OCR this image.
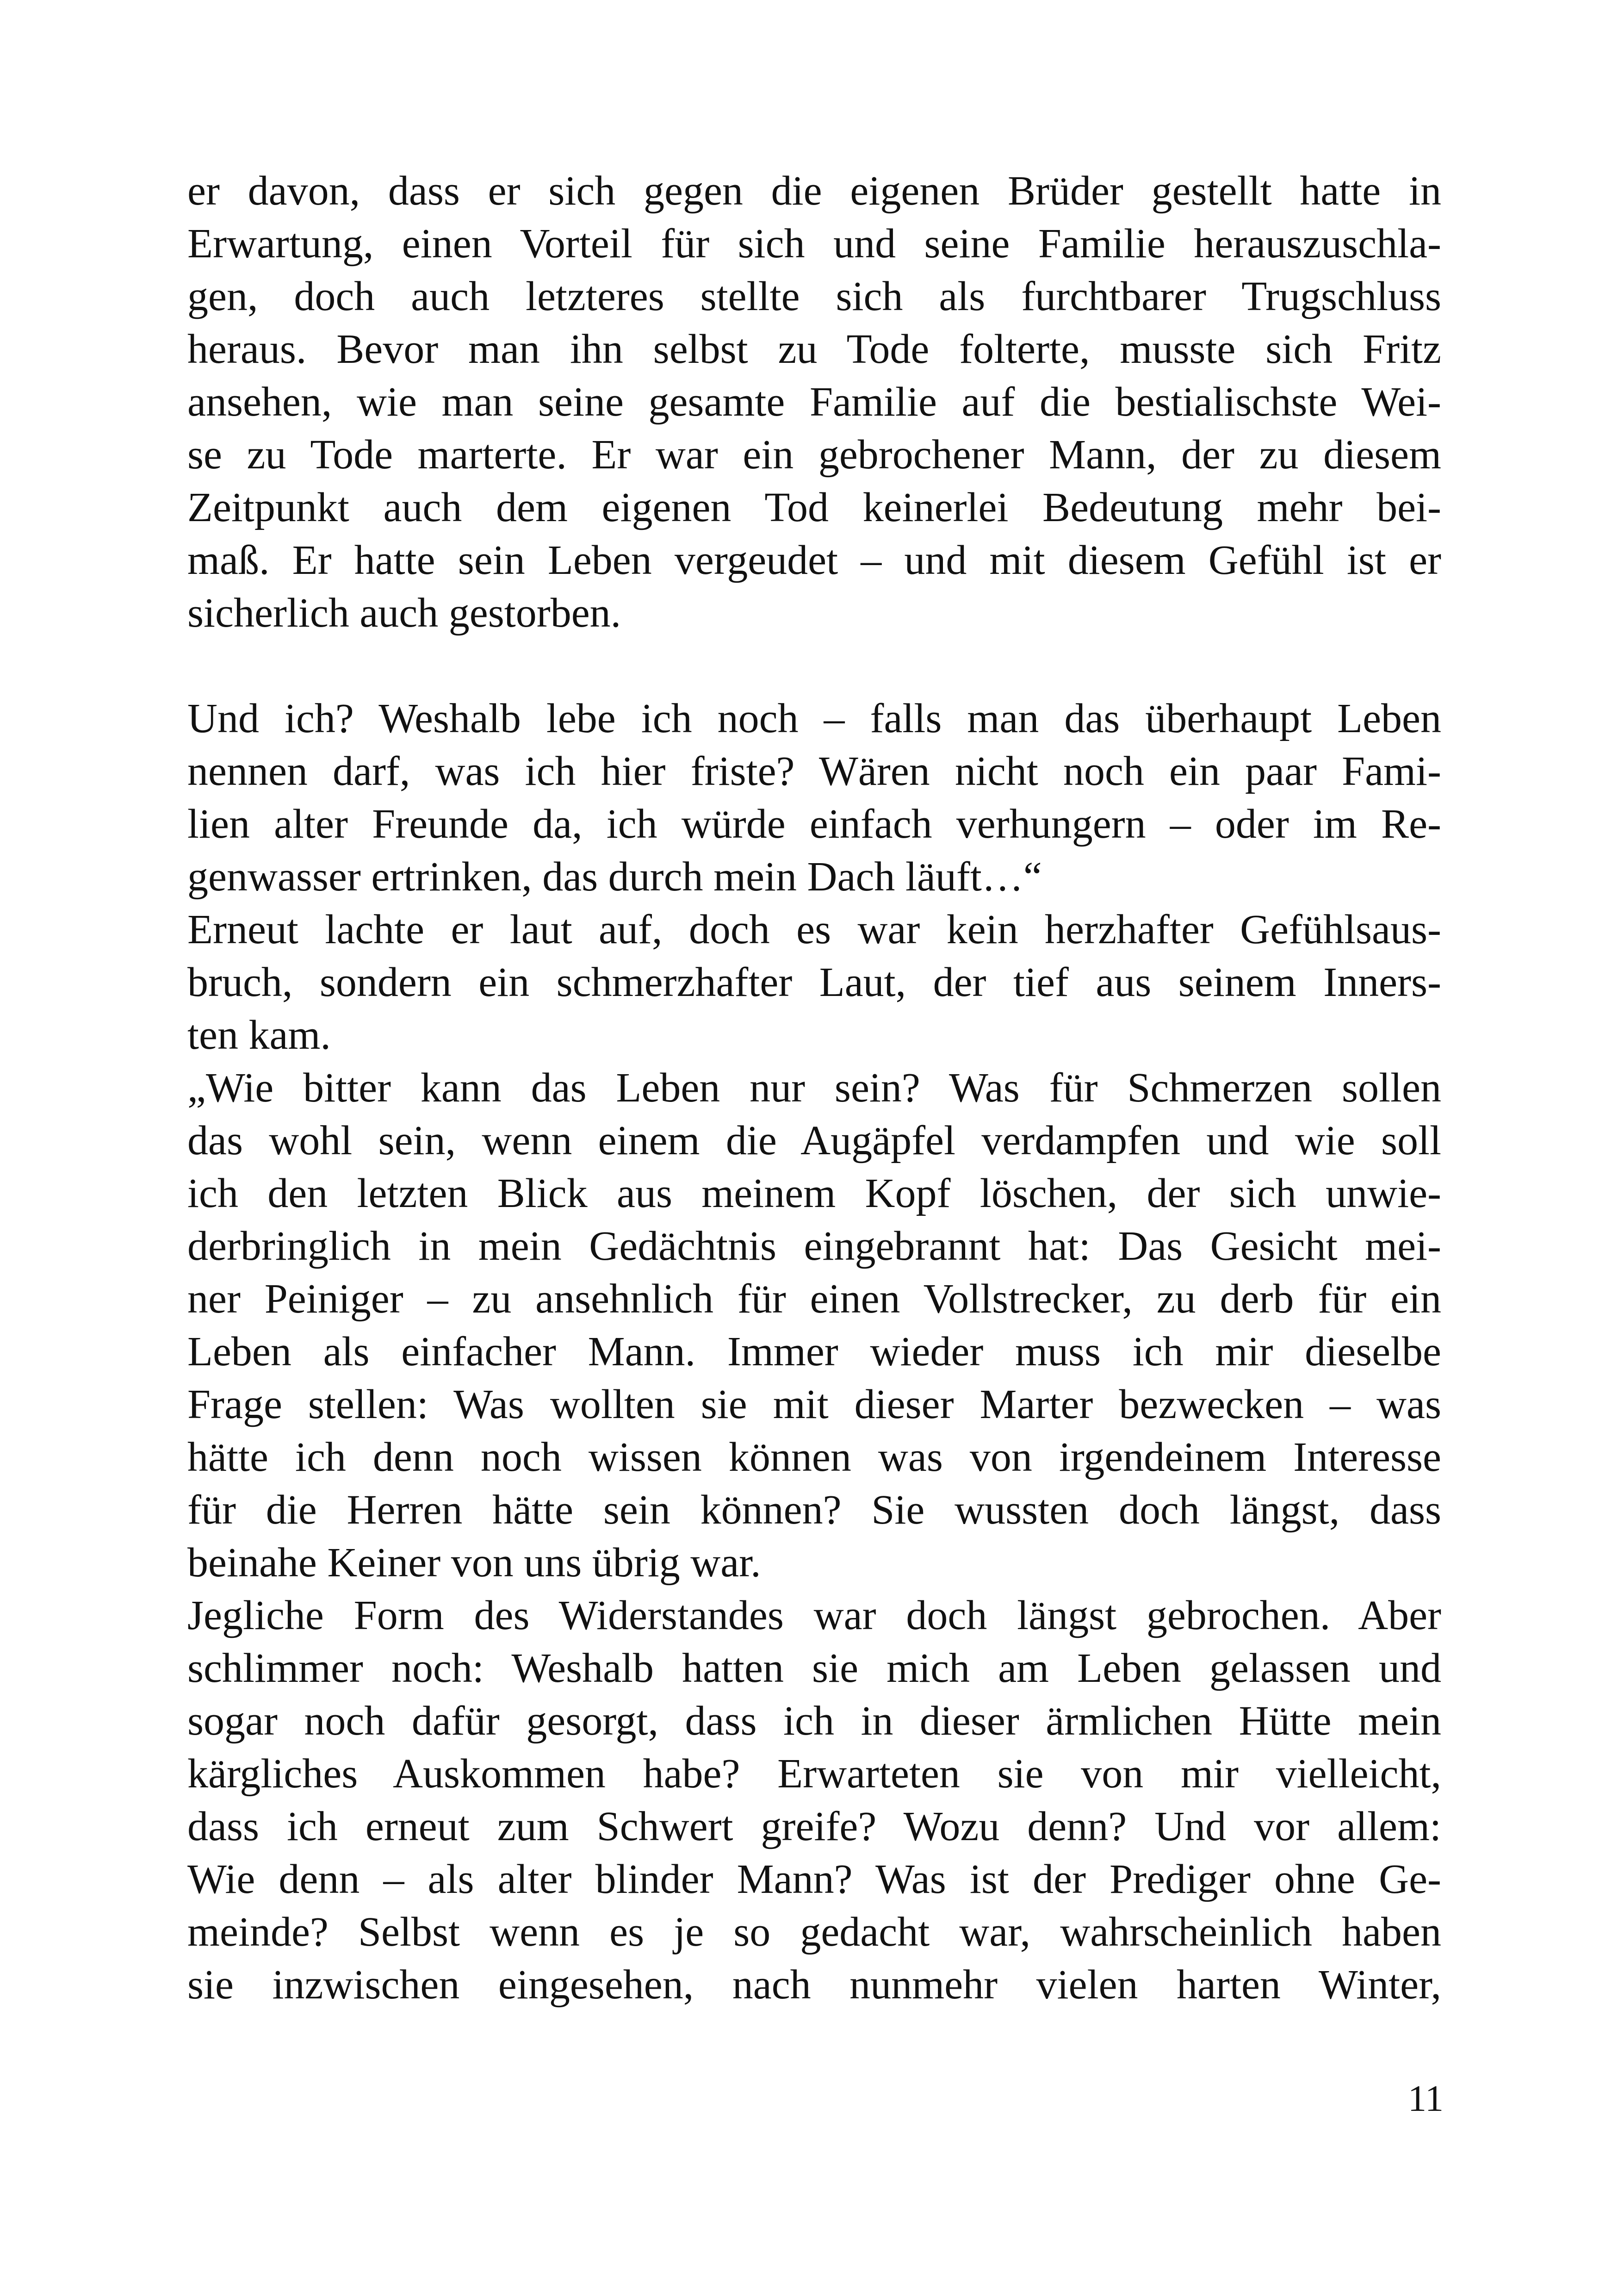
er davon, dass er sich gegen die eigenen Brüder gestellt hatte in
Erwartung, einen Vorteil für sich und seine Familie herauszuschla-
gen, doch auch letzteres stellte sich als furchtbarer Trugschluss
heraus. Bevor man ihn selbst zu Tode folterte, musste sich Fritz
ansehen, wie man seine gesamte Familie auf die bestialischste Wei-
se zu Tode marterte. Er war ein gebrochener Mann, der zu diesem
Zeitpunkt auch dem eigenen Tod keinerlei Bedeutung mehr bei-
maß. Er hatte sein Leben vergeudet – und mit diesem Gefühl ist er
sicherlich auch gestorben.
Und ich? Weshalb lebe ich noch – falls man das überhaupt Leben
nennen darf, was ich hier friste? Wären nicht noch ein paar Fami-
lien alter Freunde da, ich würde einfach verhungern – oder im Re-
genwasser ertrinken, das durch mein Dach läuft…“
Erneut lachte er laut auf, doch es war kein herzhafter Gefühlsaus-
bruch, sondern ein schmerzhafter Laut, der tief aus seinem Inners-
ten kam.
„Wie bitter kann das Leben nur sein? Was für Schmerzen sollen
das wohl sein, wenn einem die Augäpfel verdampfen und wie soll
ich den letzten Blick aus meinem Kopf löschen, der sich unwie-
derbringlich in mein Gedächtnis eingebrannt hat: Das Gesicht mei-
ner Peiniger – zu ansehnlich für einen Vollstrecker, zu derb für ein
Leben als einfacher Mann. Immer wieder muss ich mir dieselbe
Frage stellen: Was wollten sie mit dieser Marter bezwecken – was
hätte ich denn noch wissen können was von irgendeinem Interesse
für die Herren hätte sein können? Sie wussten doch längst, dass
beinahe Keiner von uns übrig war.
Jegliche Form des Widerstandes war doch längst gebrochen. Aber
schlimmer noch: Weshalb hatten sie mich am Leben gelassen und
sogar noch dafür gesorgt, dass ich in dieser ärmlichen Hütte mein
kärgliches Auskommen habe? Erwarteten sie von mir vielleicht,
dass ich erneut zum Schwert greife? Wozu denn? Und vor allem:
Wie denn – als alter blinder Mann? Was ist der Prediger ohne Ge-
meinde? Selbst wenn es je so gedacht war, wahrscheinlich haben
sie inzwischen eingesehen, nach nunmehr vielen harten Winter,
11
